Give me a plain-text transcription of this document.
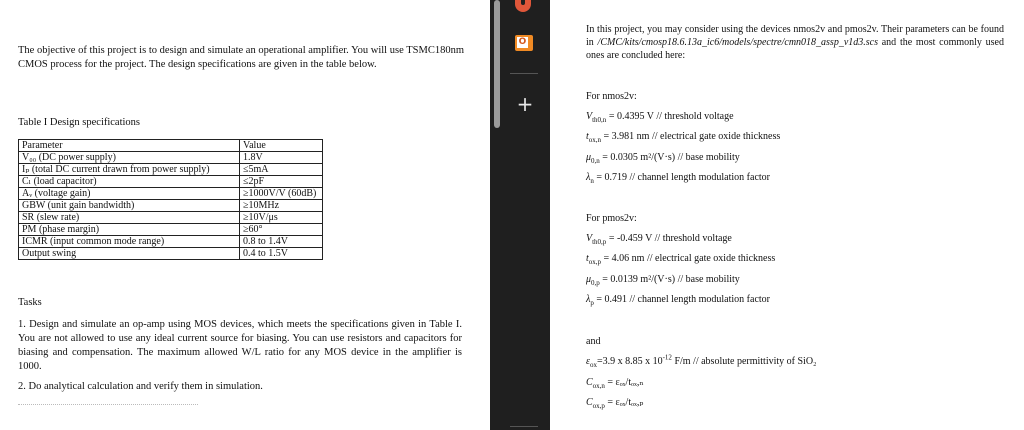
The objective of this project is to design and simulate an operational amplifier. You will use TSMC180nm CMOS process for the project. The design specifications are given in the table below.
Table I Design specifications
Parameter	Value
V₀₀ (DC power supply)	1.8V
Iₚ (total DC current drawn from power supply)	≤5mA
Cₗ (load capacitor)	≤2pF
Aᵥ (voltage gain)	≥1000V/V (60dB)
GBW (unit gain bandwidth)	≥10MHz
SR (slew rate)	≥10V/μs
PM (phase margin)	≥60°
ICMR (input common mode range)	0.8 to 1.4V
Output swing	0.4 to 1.5V
Tasks
1. Design and simulate an op-amp using MOS devices, which meets the specifications given in Table I. You are not allowed to use any ideal current source for biasing. You can use resistors and capacitors for biasing and compensation. The maximum allowed W/L ratio for any MOS device in the amplifier is 1000.
2. Do analytical calculation and verify them in simulation.
O
+
In this project, you may consider using the devices nmos2v and pmos2v. Their parameters can be found in /CMC/kits/cmosp18.6.13a_ic6/models/spectre/cmn018_assp_v1d3.scs and the most commonly used ones are concluded here:
For nmos2v:
$V_{th0,n} = 0.4395$ V // threshold voltage
$t_{ox,n} = 3.981$ nm // electrical gate oxide thickness
$\mu_{0,n} = 0.0305$ m²/(V·s) // base mobility
$\lambda_n = 0.719$ // channel length modulation factor
For pmos2v:
$V_{th0,p} = -0.459$ V // threshold voltage
$t_{ox,p} = 4.06$ nm // electrical gate oxide thickness
$\mu_{0,p} = 0.0139$ m²/(V·s) // base mobility
$\lambda_p = 0.491$ // channel length modulation factor
and
$\varepsilon_{ox}=3.9$ x 8.85 x $10^{-12}$ F/m // absolute permittivity of SiO₂
$C_{ox,n} = \varepsilon_{ox}/t_{ox},_n$
$C_{ox,p} = \varepsilon_{ox}/t_{ox},_p$
